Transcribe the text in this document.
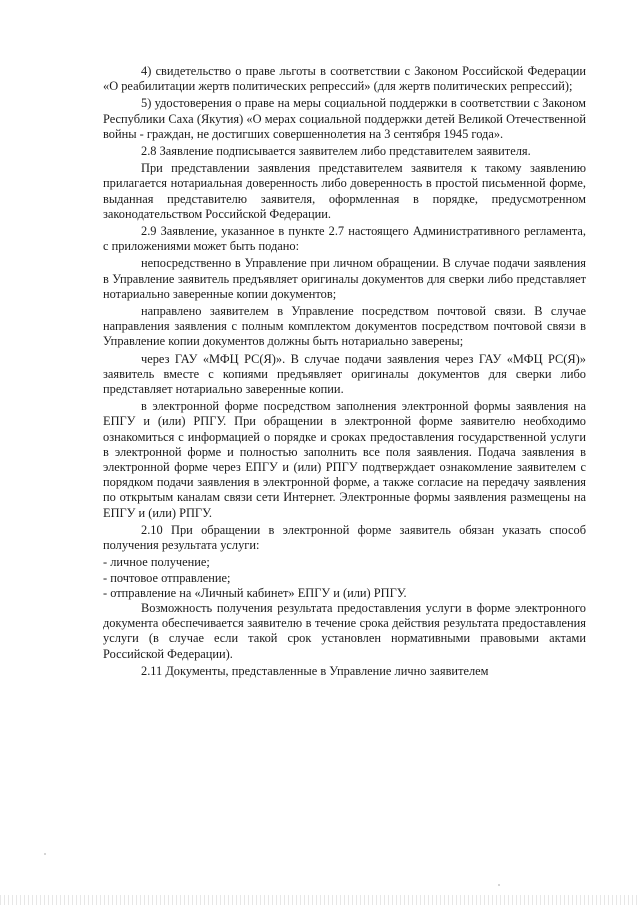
4) свидетельство о праве льготы в соответствии с Законом Российской Федерации «О реабилитации жертв политических репрессий» (для жертв политических репрессий);

5) удостоверения о праве на меры социальной поддержки в соответствии с Законом Республики Саха (Якутия) «О мерах социальной поддержки детей Великой Отечественной войны - граждан, не достигших совершеннолетия на 3 сентября 1945 года».

2.8 Заявление подписывается заявителем либо представителем заявителя.

При представлении заявления представителем заявителя к такому заявлению прилагается нотариальная доверенность либо доверенность в простой письменной форме, выданная представителю заявителя, оформленная в порядке, предусмотренном законодательством Российской Федерации.

2.9 Заявление, указанное в пункте 2.7 настоящего Административного регламента, с приложениями может быть подано:

непосредственно в Управление при личном обращении. В случае подачи заявления в Управление заявитель предъявляет оригиналы документов для сверки либо представляет нотариально заверенные копии документов;

направлено заявителем в Управление посредством почтовой связи. В случае направления заявления с полным комплектом документов посредством почтовой связи в Управление копии документов должны быть нотариально заверены;

через ГАУ «МФЦ РС(Я)». В случае подачи заявления через ГАУ «МФЦ РС(Я)» заявитель вместе с копиями предъявляет оригиналы документов для сверки либо представляет нотариально заверенные копии.

в электронной форме посредством заполнения электронной формы заявления на ЕПГУ и (или) РПГУ. При обращении в электронной форме заявителю необходимо ознакомиться с информацией о порядке и сроках предоставления государственной услуги в электронной форме и полностью заполнить все поля заявления. Подача заявления в электронной форме через ЕПГУ и (или) РПГУ подтверждает ознакомление заявителем с порядком подачи заявления в электронной форме, а также согласие на передачу заявления по открытым каналам связи сети Интернет. Электронные формы заявления размещены на ЕПГУ и (или) РПГУ.

2.10 При обращении в электронной форме заявитель обязан указать способ получения результата услуги:

- личное получение;

- почтовое отправление;

- отправление на «Личный кабинет» ЕПГУ и (или) РПГУ.

Возможность получения результата предоставления услуги в форме электронного документа обеспечивается заявителю в течение срока действия результата предоставления услуги (в случае если такой срок установлен нормативными правовыми актами Российской Федерации).

2.11 Документы, представленные в Управление лично заявителем
